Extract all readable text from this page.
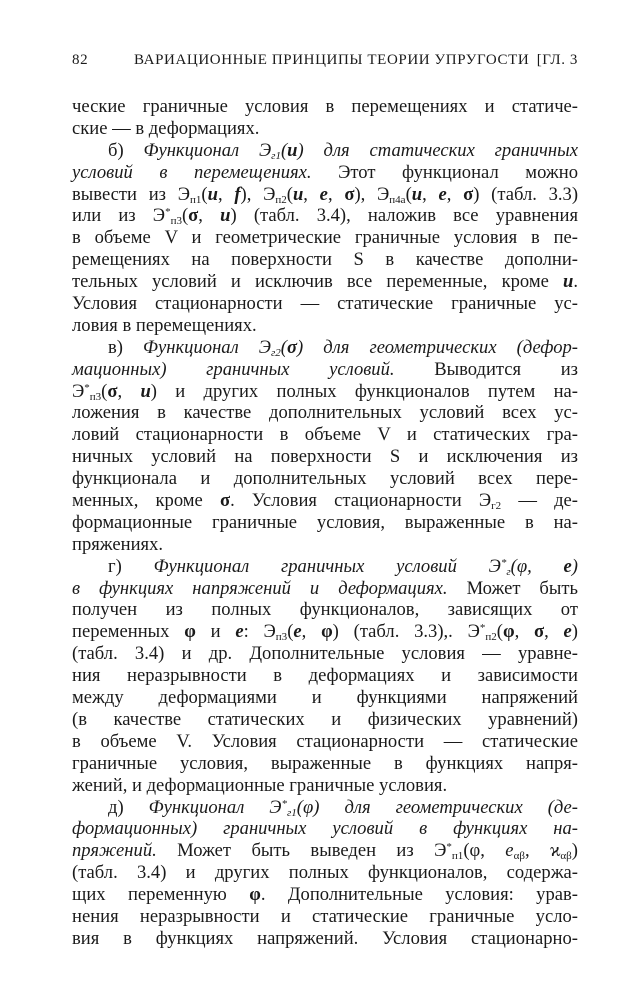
82	ВАРИАЦИОННЫЕ ПРИНЦИПЫ ТЕОРИИ УПРУГОСТИ [ГЛ. 3
ческие граничные условия в перемещениях и статиче-
ские — в деформациях.
б) Функционал $Э_{г1}(u)$ для статических граничных
условий в перемещениях. Этот функционал можно
вывести из $Э_{п1}(u$, f), $Э_{п2}(u$, e, σ), $Э_{п4а}(u$, e, σ) (табл. 3.3)
или из $Э^*_{п3}(\sigma$, u) (табл. 3.4), наложив все уравнения
в объеме V и геометрические граничные условия в пе-
ремещениях на поверхности S в качестве дополни-
тельных условий и исключив все переменные, кроме u.
Условия стационарности — статические граничные ус-
ловия в перемещениях.
в) Функционал $Э_{г2}(\sigma)$ для геометрических (дефор-
мационных) граничных условий. Выводится из
$Э^*_{п3}(\sigma$, u) и других полных функционалов путем на-
ложения в качестве дополнительных условий всех ус-
ловий стационарности в объеме V и статических гра-
ничных условий на поверхности S и исключения из
функционала и дополнительных условий всех пере-
менных, кроме σ. Условия стационарности $Э_{г2}$ — де-
формационные граничные условия, выраженные в на-
пряжениях.
г) Функционал граничных условий $Э^*_г(\varphi$, e)
в функциях напряжений и деформациях. Может быть
получен из полных функционалов, зависящих от
переменных φ и e: $Э_{п3}(e$, φ) (табл. 3.3),. $Э^*_{п2}(\varphi$, σ, e)
(табл. 3.4) и др. Дополнительные условия — уравне-
ния неразрывности в деформациях и зависимости
между деформациями и функциями напряжений
(в качестве статических и физических уравнений)
в объеме V. Условия стационарности — статические
граничные условия, выраженные в функциях напря-
жений, и деформационные граничные условия.
д) Функционал $Э^*_{г1}(\varphi)$ для геометрических (де-
формационных) граничных условий в функциях на-
пряжений. Может быть выведен из $Э^*_{п1}(\varphi$, $e_{\alpha\beta}$, $ϰ_{\alpha\beta}$)
(табл. 3.4) и других полных функционалов, содержа-
щих переменную φ. Дополнительные условия: урав-
нения неразрывности и статические граничные усло-
вия в функциях напряжений. Условия стационарно-
